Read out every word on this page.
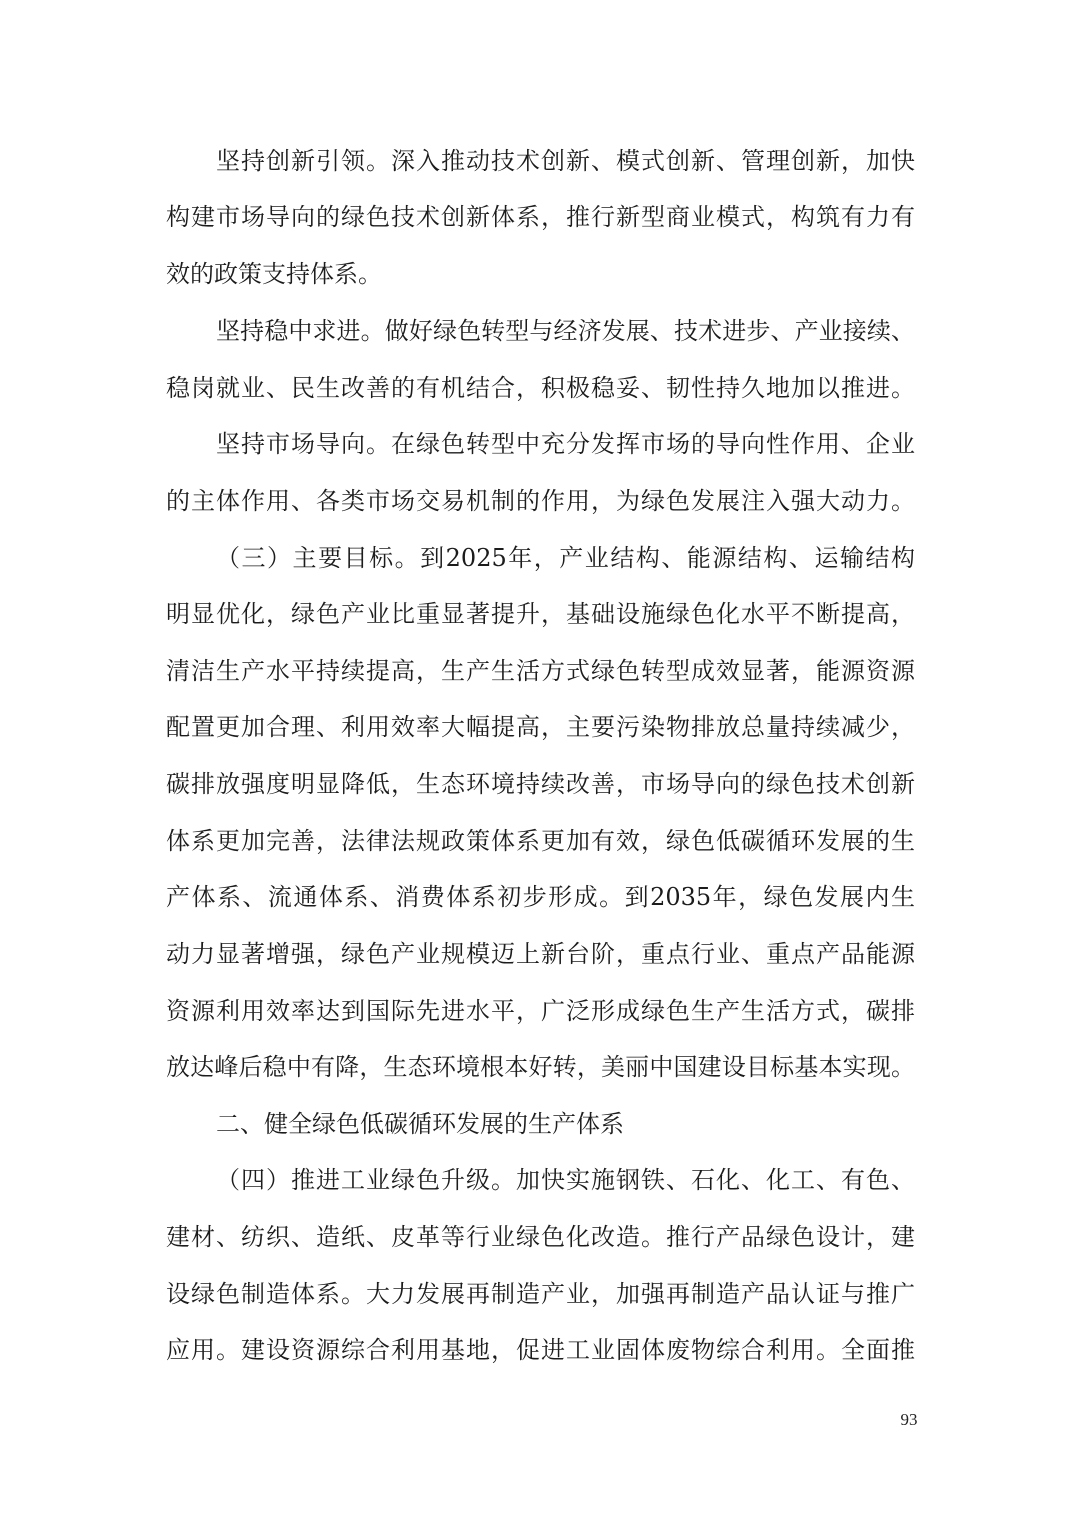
坚持创新引领。深入推动技术创新、模式创新、管理创新，加快
构建市场导向的绿色技术创新体系，推行新型商业模式，构筑有力有
效的政策支持体系。
坚持稳中求进。做好绿色转型与经济发展、技术进步、产业接续、
稳岗就业、民生改善的有机结合，积极稳妥、韧性持久地加以推进。
坚持市场导向。在绿色转型中充分发挥市场的导向性作用、企业
的主体作用、各类市场交易机制的作用，为绿色发展注入强大动力。
（三）主要目标。到2025年，产业结构、能源结构、运输结构
明显优化，绿色产业比重显著提升，基础设施绿色化水平不断提高，
清洁生产水平持续提高，生产生活方式绿色转型成效显著，能源资源
配置更加合理、利用效率大幅提高，主要污染物排放总量持续减少，
碳排放强度明显降低，生态环境持续改善，市场导向的绿色技术创新
体系更加完善，法律法规政策体系更加有效，绿色低碳循环发展的生
产体系、流通体系、消费体系初步形成。到2035年，绿色发展内生
动力显著增强，绿色产业规模迈上新台阶，重点行业、重点产品能源
资源利用效率达到国际先进水平，广泛形成绿色生产生活方式，碳排
放达峰后稳中有降，生态环境根本好转，美丽中国建设目标基本实现。
二、健全绿色低碳循环发展的生产体系
（四）推进工业绿色升级。加快实施钢铁、石化、化工、有色、
建材、纺织、造纸、皮革等行业绿色化改造。推行产品绿色设计，建
设绿色制造体系。大力发展再制造产业，加强再制造产品认证与推广
应用。建设资源综合利用基地，促进工业固体废物综合利用。全面推
93
